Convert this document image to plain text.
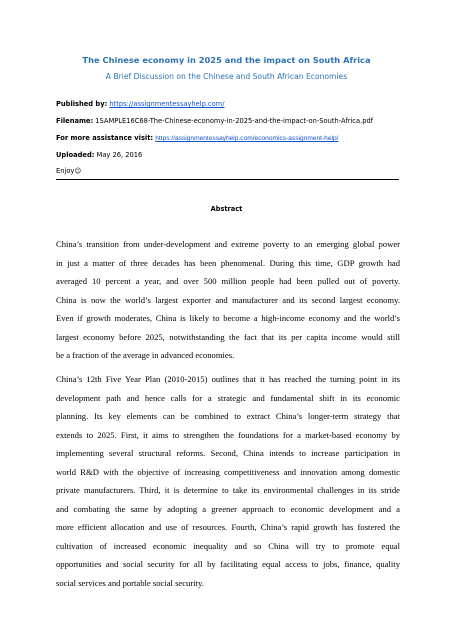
The Chinese economy in 2025 and the impact on South Africa
A Brief Discussion on the Chinese and South African Economies
Published by: https://assignmentessayhelp.com/
Filename: 1SAMPLE16C68-The-Chinese-economy-in-2025-and-the-impact-on-South-Africa.pdf
For more assistance visit: https://assignmentessayhelp.com/economics-assignment-help/
Uploaded: May 26, 2016
Enjoy☺
Abstract
China’s transition from under-development and extreme poverty to an emerging global power
in just a matter of three decades has been phenomenal. During this time, GDP growth had
averaged 10 percent a year, and over 500 million people had been pulled out of poverty.
China is now the world’s largest exporter and manufacturer and its second largest economy.
Even if growth moderates, China is likely to become a high-income economy and the world’s
largest economy before 2025, notwithstanding the fact that its per capita income would still
be a fraction of the average in advanced economies.
China’s 12th Five Year Plan (2010-2015) outlines that it has reached the turning point in its
development path and hence calls for a strategic and fundamental shift in its economic
planning. Its key elements can be combined to extract China’s longer-term strategy that
extends to 2025. First, it aims to strengthen the foundations for a market-based economy by
implementing several structural reforms. Second, China intends to increase participation in
world R&D with the objective of increasing competitiveness and innovation among domestic
private manufacturers. Third, it is determine to take its environmental challenges in its stride
and combating the same by adopting a greener approach to economic development and a
more efficient allocation and use of resources. Fourth, China’s rapid growth has fostered the
cultivation of increased economic inequality and so China will try to promote equal
opportunities and social security for all by facilitating equal access to jobs, finance, quality
social services and portable social security.
